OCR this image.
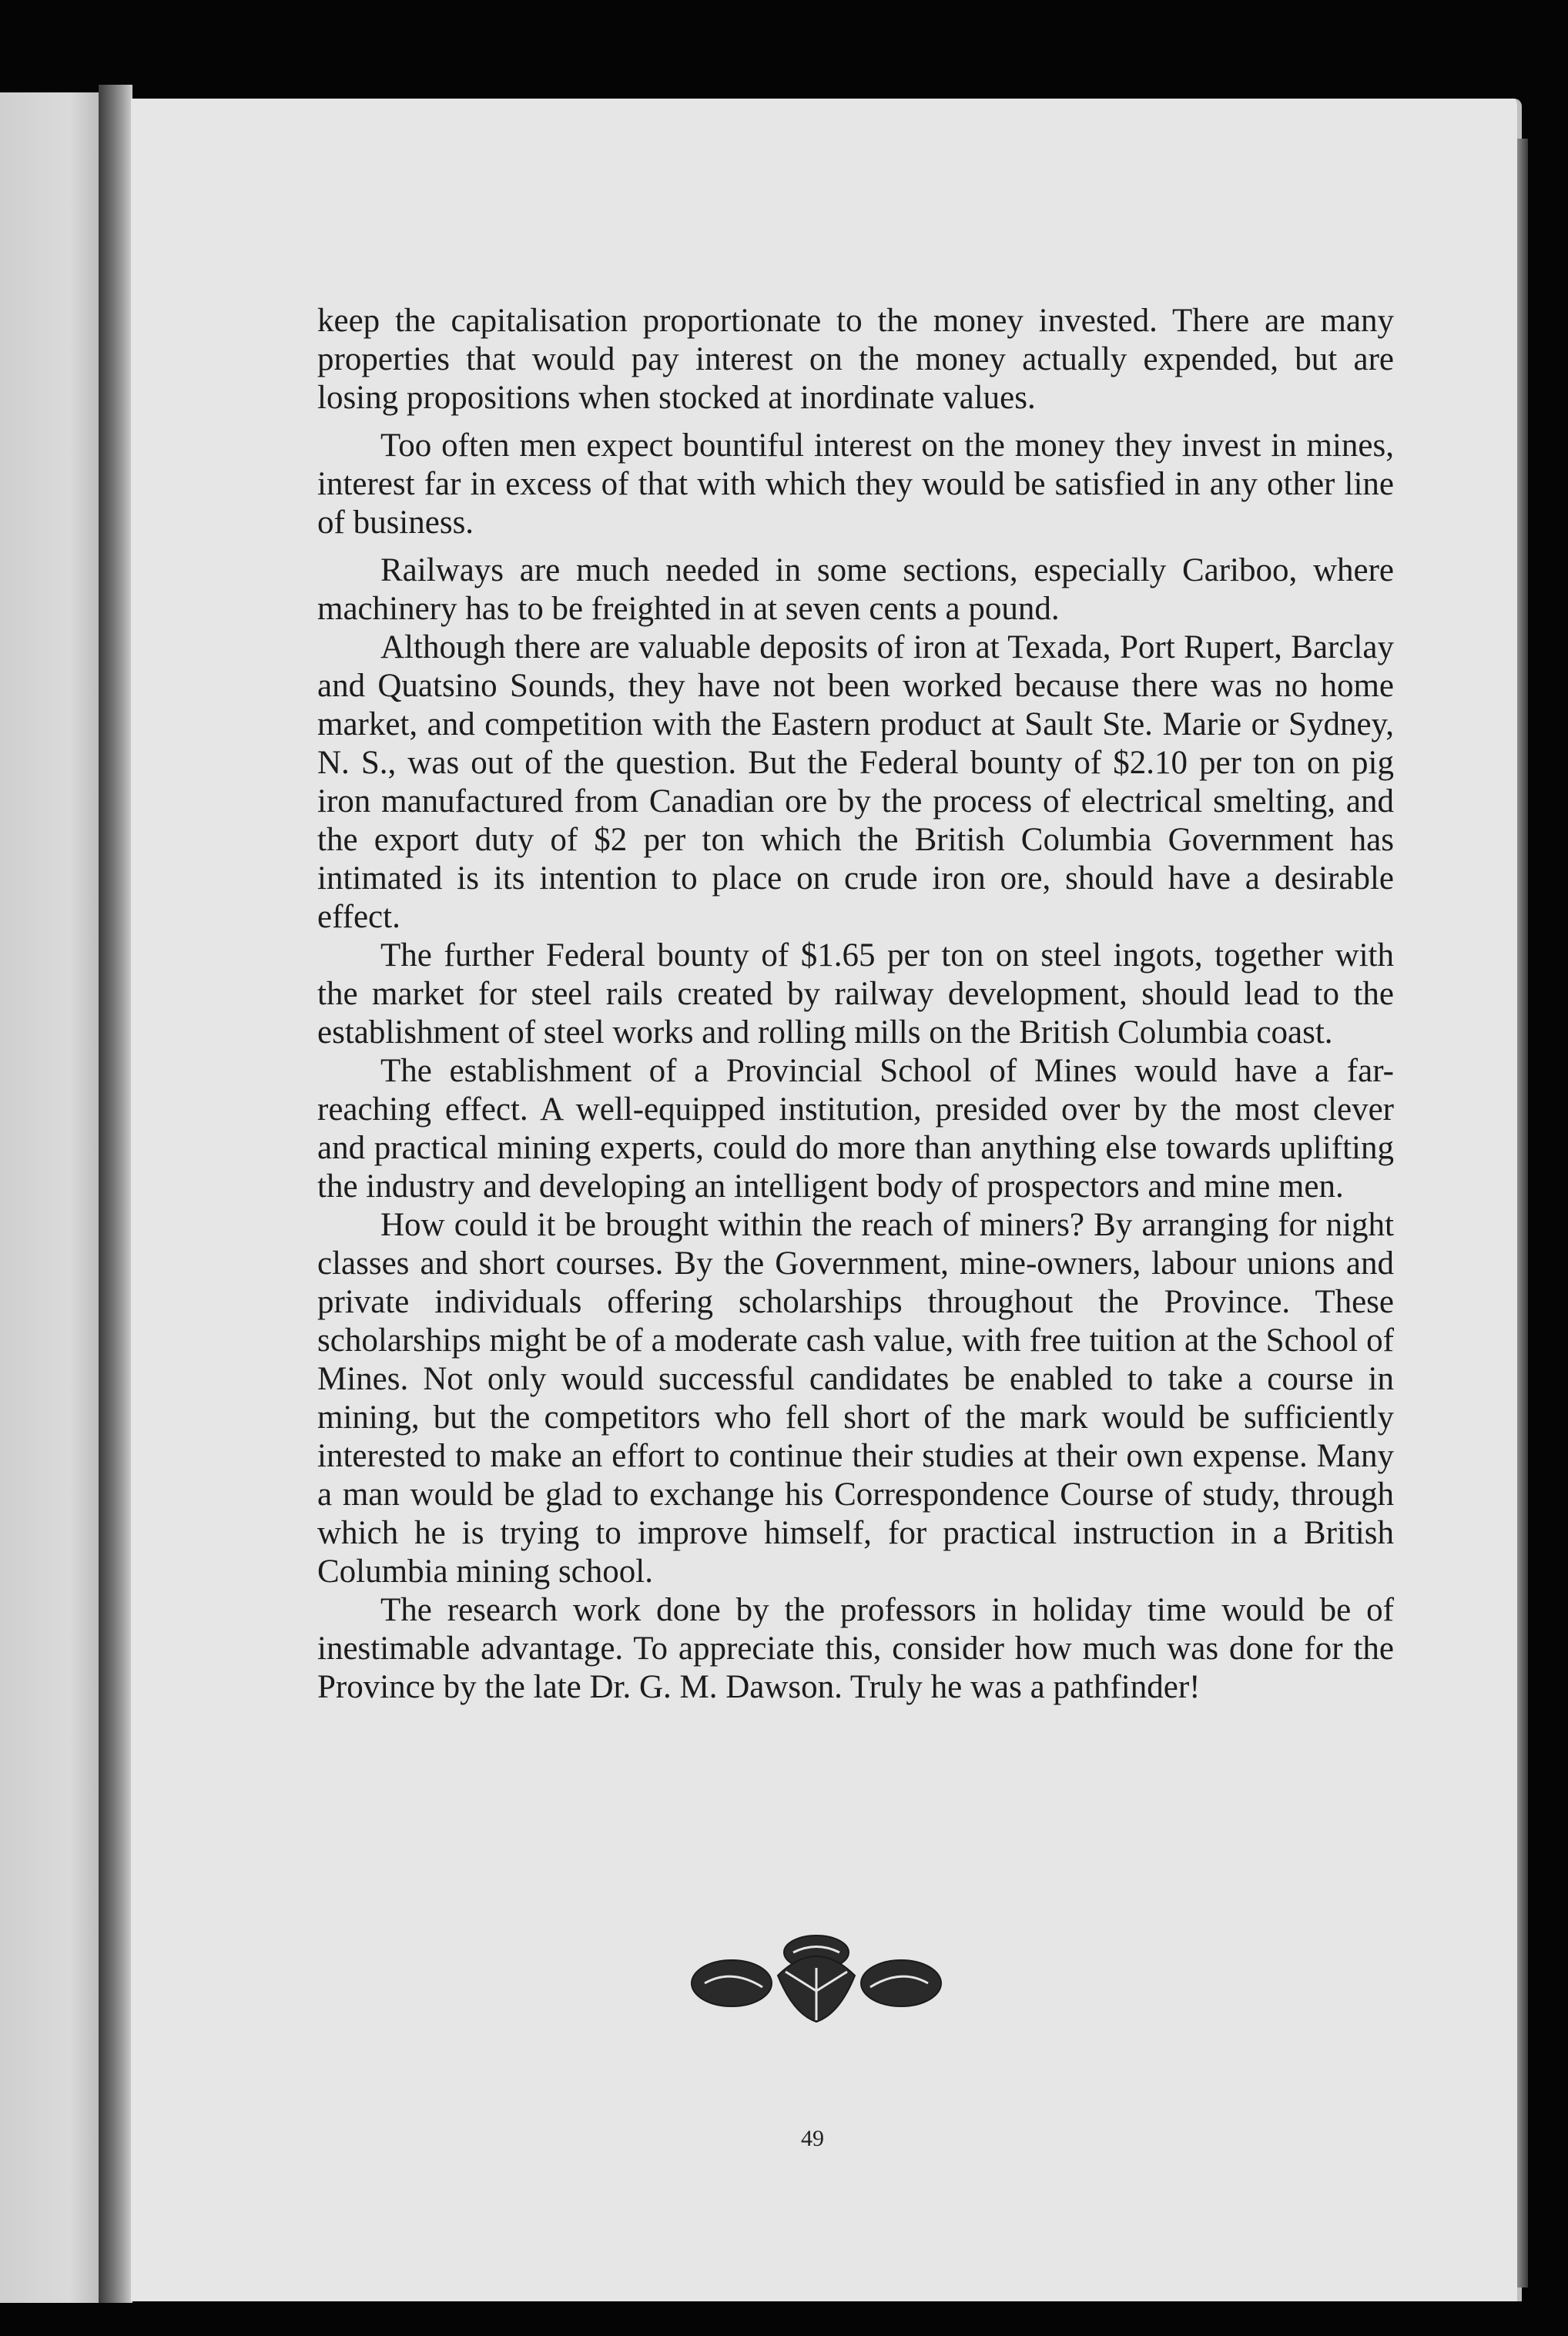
keep the capitalisation proportionate to the money invested. There are many properties that would pay interest on the money actually expended, but are losing propositions when stocked at inordinate values.

Too often men expect bountiful interest on the money they invest in mines, interest far in excess of that with which they would be satisfied in any other line of business.

Railways are much needed in some sections, especially Cariboo, where machinery has to be freighted in at seven cents a pound.

Although there are valuable deposits of iron at Texada, Port Rupert, Barclay and Quatsino Sounds, they have not been worked because there was no home market, and competition with the Eastern product at Sault Ste. Marie or Sydney, N. S., was out of the question. But the Federal bounty of $2.10 per ton on pig iron manufactured from Canadian ore by the process of electrical smelting, and the export duty of $2 per ton which the British Columbia Government has intimated is its intention to place on crude iron ore, should have a desirable effect.

The further Federal bounty of $1.65 per ton on steel ingots, together with the market for steel rails created by railway development, should lead to the establishment of steel works and rolling mills on the British Columbia coast.

The establishment of a Provincial School of Mines would have a far-reaching effect. A well-equipped institution, presided over by the most clever and practical mining experts, could do more than anything else towards uplifting the industry and developing an intelligent body of prospectors and mine men.

How could it be brought within the reach of miners? By arranging for night classes and short courses. By the Government, mine-owners, labour unions and private individuals offering scholarships throughout the Province. These scholarships might be of a moderate cash value, with free tuition at the School of Mines. Not only would successful candidates be enabled to take a course in mining, but the competitors who fell short of the mark would be sufficiently interested to make an effort to continue their studies at their own expense. Many a man would be glad to exchange his Correspondence Course of study, through which he is trying to improve himself, for practical instruction in a British Columbia mining school.

The research work done by the professors in holiday time would be of inestimable advantage. To appreciate this, consider how much was done for the Province by the late Dr. G. M. Dawson. Truly he was a pathfinder!

49
